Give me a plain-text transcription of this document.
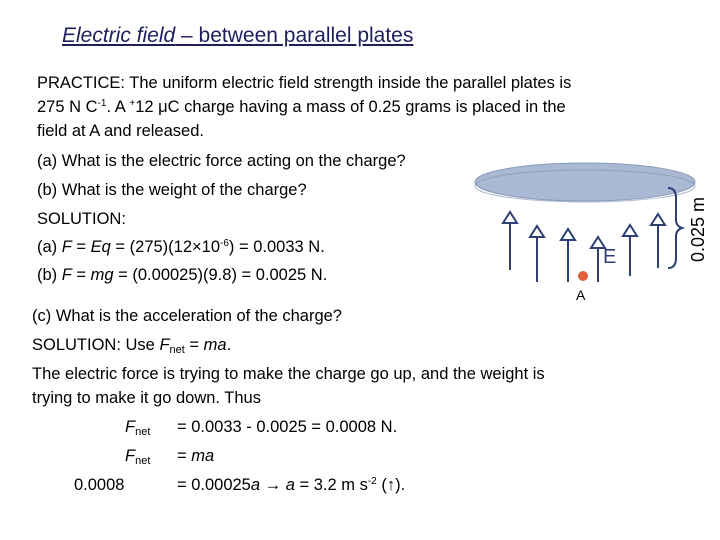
Electric field – between parallel plates
PRACTICE: The uniform electric field strength inside the parallel plates is
275 N $C^{-1}$. A +12 μC charge having a mass of 0.25 grams is placed in the
field at A and released.
(a) What is the electric force acting on the charge?
(b) What is the weight of the charge?
SOLUTION:
(a) $F = Eq = (275)(12\times 10^{-6}) = 0.0033$ N.
(b) F = mg = (0.00025)(9.8) = 0.0025 N.
(c) What is the acceleration of the charge?
SOLUTION: Use $F_{net}$ = ma.
The electric force is trying to make the charge go up, and the weight is
trying to make it go down. Thus
$F_{net} = 0.0033 - 0.0025 = 0.0008$ N.
$F_{net}$ = ma
0.0008	= 0.00025a → a = 3.2 m $s^{-2}$ (↑).
E
A
0.025 m
